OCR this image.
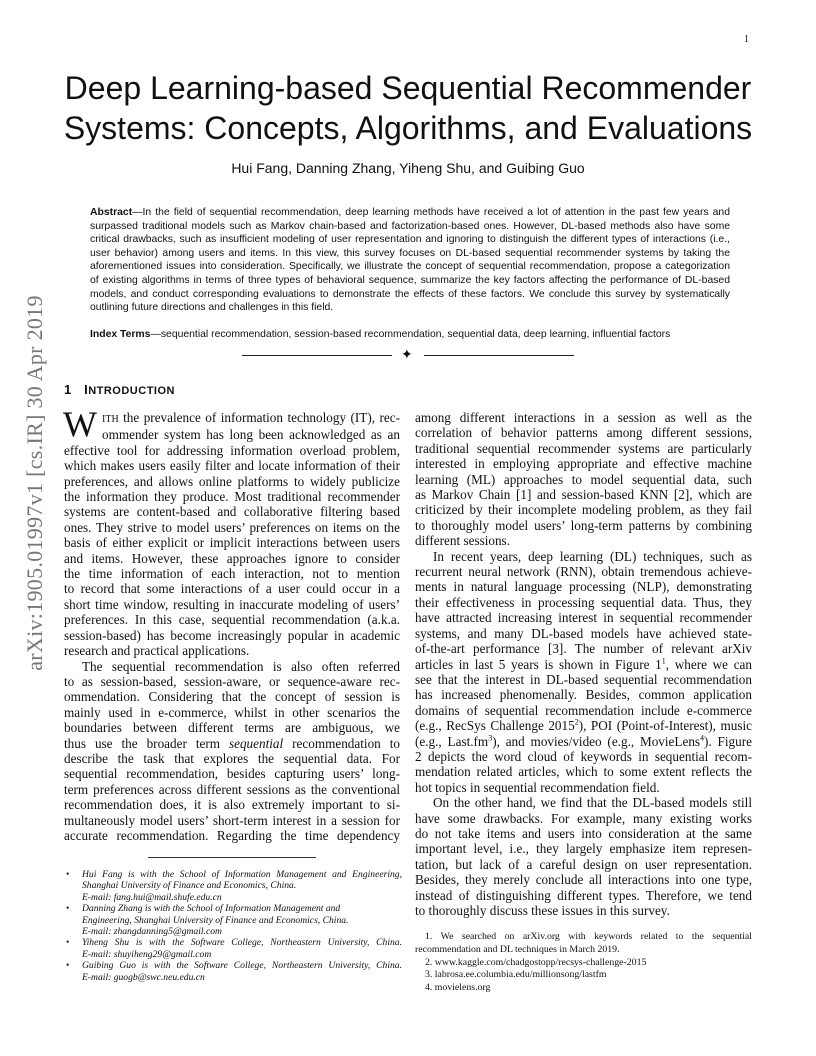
1
arXiv:1905.01997v1 [cs.IR] 30 Apr 2019
Deep Learning-based Sequential Recommender
Systems: Concepts, Algorithms, and Evaluations
Hui Fang, Danning Zhang, Yiheng Shu, and Guibing Guo
Abstract—In the field of sequential recommendation, deep learning methods have received a lot of attention in the past few years and
surpassed traditional models such as Markov chain-based and factorization-based ones. However, DL-based methods also have some
critical drawbacks, such as insufficient modeling of user representation and ignoring to distinguish the different types of interactions (i.e.,
user behavior) among users and items. In this view, this survey focuses on DL-based sequential recommender systems by taking the
aforementioned issues into consideration. Specifically, we illustrate the concept of sequential recommendation, propose a categorization
of existing algorithms in terms of three types of behavioral sequence, summarize the key factors affecting the performance of DL-based
models, and conduct corresponding evaluations to demonstrate the effects of these factors. We conclude this survey by systematically
outlining future directions and challenges in this field.
Index Terms—sequential recommendation, session-based recommendation, sequential data, deep learning, influential factors
✦
1 INTRODUCTION
W ITH the prevalence of information technology (IT), rec-
ommender system has long been acknowledged as an
effective tool for addressing information overload problem,
which makes users easily filter and locate information of their
preferences, and allows online platforms to widely publicize
the information they produce. Most traditional recommender
systems are content-based and collaborative filtering based
ones. They strive to model users’ preferences on items on the
basis of either explicit or implicit interactions between users
and items. However, these approaches ignore to consider
the time information of each interaction, not to mention
to record that some interactions of a user could occur in a
short time window, resulting in inaccurate modeling of users’
preferences. In this case, sequential recommendation (a.k.a.
session-based) has become increasingly popular in academic
research and practical applications.
The sequential recommendation is also often referred
to as session-based, session-aware, or sequence-aware rec-
ommendation. Considering that the concept of session is
mainly used in e-commerce, whilst in other scenarios the
boundaries between different terms are ambiguous, we
thus use the broader term sequential recommendation to
describe the task that explores the sequential data. For
sequential recommendation, besides capturing users’ long-
term preferences across different sessions as the conventional
recommendation does, it is also extremely important to si-
multaneously model users’ short-term interest in a session for
accurate recommendation. Regarding the time dependency
among different interactions in a session as well as the
correlation of behavior patterns among different sessions,
traditional sequential recommender systems are particularly
interested in employing appropriate and effective machine
learning (ML) approaches to model sequential data, such
as Markov Chain [1] and session-based KNN [2], which are
criticized by their incomplete modeling problem, as they fail
to thoroughly model users’ long-term patterns by combining
different sessions.
In recent years, deep learning (DL) techniques, such as
recurrent neural network (RNN), obtain tremendous achieve-
ments in natural language processing (NLP), demonstrating
their effectiveness in processing sequential data. Thus, they
have attracted increasing interest in sequential recommender
systems, and many DL-based models have achieved state-
of-the-art performance [3]. The number of relevant arXiv
articles in last 5 years is shown in Figure $1^1$, where we can
see that the interest in DL-based sequential recommendation
has increased phenomenally. Besides, common application
domains of sequential recommendation include e-commerce
(e.g., RecSys Challenge 2015$^2$), POI (Point-of-Interest), music
(e.g., $Last.fm^3$), and movies/video (e.g., MovieLens$^4$). Figure
2 depicts the word cloud of keywords in sequential recom-
mendation related articles, which to some extent reflects the
hot topics in sequential recommendation field.
On the other hand, we find that the DL-based models still
have some drawbacks. For example, many existing works
do not take items and users into consideration at the same
important level, i.e., they largely emphasize item represen-
tation, but lack of a careful design on user representation.
Besides, they merely conclude all interactions into one type,
instead of distinguishing different types. Therefore, we tend
to thoroughly discuss these issues in this survey.
• Hui Fang is with the School of Information Management and Engineering,
Shanghai University of Finance and Economics, China.
E-mail: fang.hui@mail.shufe.edu.cn
• Danning Zhang is with the School of Information Management and
Engineering, Shanghai University of Finance and Economics, China.
E-mail: zhangdanning5@gmail.com
• Yiheng Shu is with the Software College, Northeastern University, China.
E-mail: shuyiheng29@gmail.com
• Guibing Guo is with the Software College, Northeastern University, China.
E-mail: guogb@swc.neu.edu.cn
1. We searched on arXiv.org with keywords related to the sequential
recommendation and DL techniques in March 2019.
2. www.kaggle.com/chadgostopp/recsys-challenge-2015
3. labrosa.ee.columbia.edu/millionsong/lastfm
4. movielens.org
